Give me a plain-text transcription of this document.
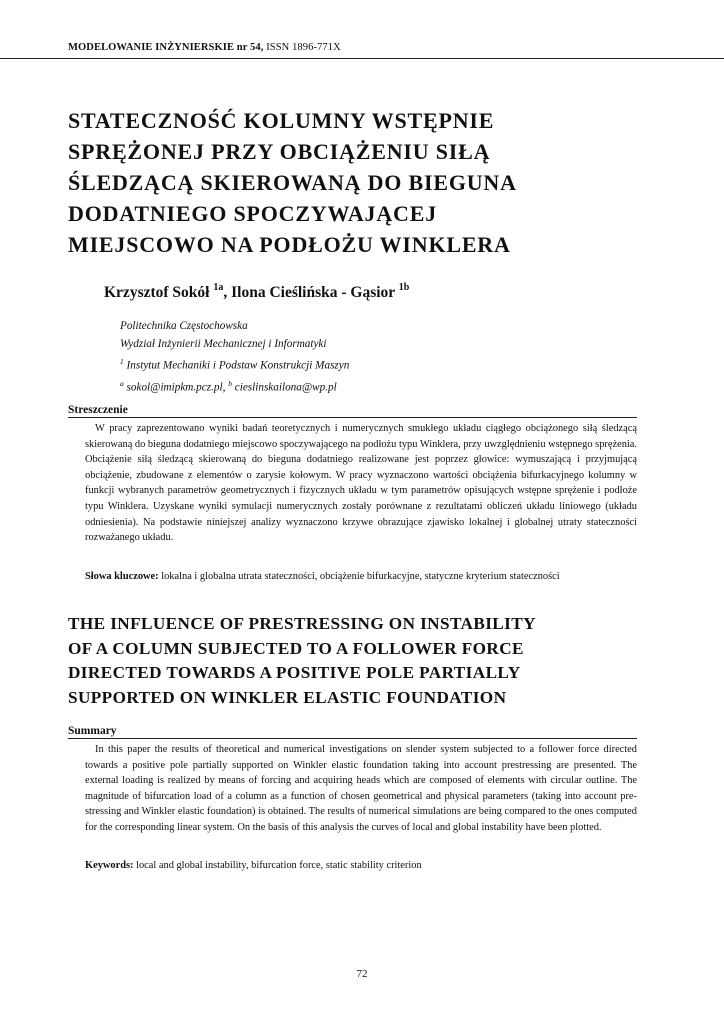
MODELOWANIE INŻYNIERSKIE nr 54, ISSN 1896-771X
STATECZNOŚĆ KOLUMNY WSTĘPNIE
SPRĘŻONEJ PRZY OBCIĄŻENIU SIŁĄ
ŚLEDZĄCĄ SKIEROWANĄ DO BIEGUNA
DODATNIEGO SPOCZYWAJĄCEJ
MIEJSCOWO NA PODŁOŻU WINKLERA
Krzysztof Sokół $^{1a}$, Ilona Cieślińska - Gąsior $^{1b}$
Politechnika Częstochowska
Wydział Inżynierii Mechanicznej i Informatyki
$^1$ Instytut Mechaniki i Podstaw Konstrukcji Maszyn
$^a$ sokol@imipkm.pcz.pl, $^b$ cieslinskailona@wp.pl
Streszczenie

W pracy zaprezentowano wyniki badań teoretycznych i numerycznych smukłego układu ciągłego obciążonego siłą śledzącą skierowaną do bieguna dodatniego miejscowo spoczywającego na podłożu typu Winklera, przy uwzględnieniu wstępnego sprężenia. Obciążenie siłą śledzącą skierowaną do bieguna dodatniego realizowane jest poprzez głowice: wymuszającą i przyjmującą obciążenie, zbudowane z elementów o zarysie kołowym. W pracy wyznaczono wartości obciążenia bifurkacyjnego kolumny w funkcji wybranych parametrów geometrycznych i fizycznych układu w tym parametrów opisujących wstępne sprężenie i podłoże typu Winklera. Uzyskane wyniki symulacji numerycznych zostały porównane z rezultatami obliczeń układu liniowego (układu odniesienia). Na podstawie niniejszej analizy wyznaczono krzywe obrazujące zjawisko lokalnej i globalnej utraty stateczności rozważanego układu.

Słowa kluczowe: lokalna i globalna utrata stateczności, obciążenie bifurkacyjne, statyczne kryterium stateczności
THE INFLUENCE OF PRESTRESSING ON INSTABILITY
OF A COLUMN SUBJECTED TO A FOLLOWER FORCE
DIRECTED TOWARDS A POSITIVE POLE PARTIALLY
SUPPORTED ON WINKLER ELASTIC FOUNDATION
Summary

In this paper the results of theoretical and numerical investigations on slender system subjected to a follower force directed towards a positive pole partially supported on Winkler elastic foundation taking into account prestressing are presented. The external loading is realized by means of forcing and acquiring heads which are composed of elements with circular outline. The magnitude of bifurcation load of a column as a function of chosen geometrical and physical parameters (taking into account pre-stressing and Winkler elastic foundation) is obtained. The results of numerical simulations are being compared to the ones computed for the corresponding linear system. On the basis of this analysis the curves of local and global instability have been plotted.

Keywords: local and global instability, bifurcation force, static stability criterion
72
